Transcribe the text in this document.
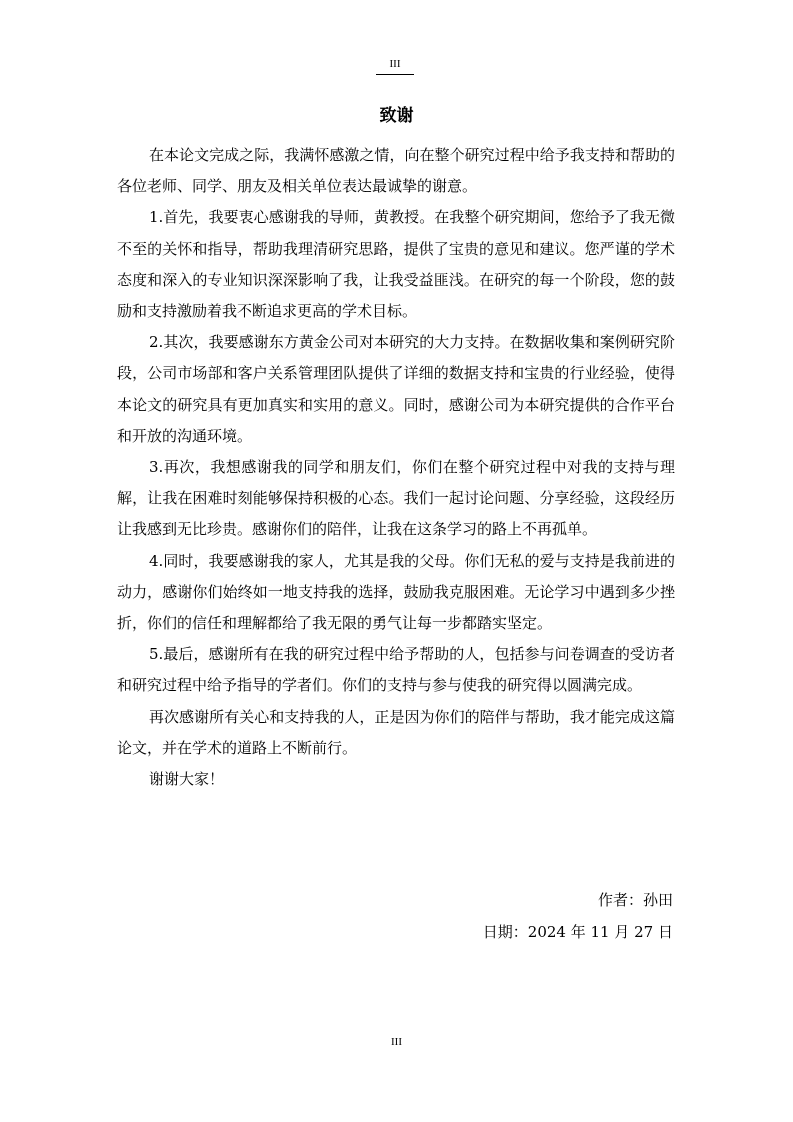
III
致谢

在本论文完成之际，我满怀感激之情，向在整个研究过程中给予我支持和帮助的各位老师、同学、朋友及相关单位表达最诚挚的谢意。

1.首先，我要衷心感谢我的导师，黄教授。在我整个研究期间，您给予了我无微不至的关怀和指导，帮助我理清研究思路，提供了宝贵的意见和建议。您严谨的学术态度和深入的专业知识深深影响了我，让我受益匪浅。在研究的每一个阶段，您的鼓励和支持激励着我不断追求更高的学术目标。

2.其次，我要感谢东方黄金公司对本研究的大力支持。在数据收集和案例研究阶段，公司市场部和客户关系管理团队提供了详细的数据支持和宝贵的行业经验，使得本论文的研究具有更加真实和实用的意义。同时，感谢公司为本研究提供的合作平台和开放的沟通环境。

3.再次，我想感谢我的同学和朋友们，你们在整个研究过程中对我的支持与理解，让我在困难时刻能够保持积极的心态。我们一起讨论问题、分享经验，这段经历让我感到无比珍贵。感谢你们的陪伴，让我在这条学习的路上不再孤单。

4.同时，我要感谢我的家人，尤其是我的父母。你们无私的爱与支持是我前进的动力，感谢你们始终如一地支持我的选择，鼓励我克服困难。无论学习中遇到多少挫折，你们的信任和理解都给了我无限的勇气让每一步都踏实坚定。

5.最后，感谢所有在我的研究过程中给予帮助的人，包括参与问卷调查的受访者和研究过程中给予指导的学者们。你们的支持与参与使我的研究得以圆满完成。

再次感谢所有关心和支持我的人，正是因为你们的陪伴与帮助，我才能完成这篇论文，并在学术的道路上不断前行。

谢谢大家！

作者：孙田
日期：2024 年 11 月 27 日
III
